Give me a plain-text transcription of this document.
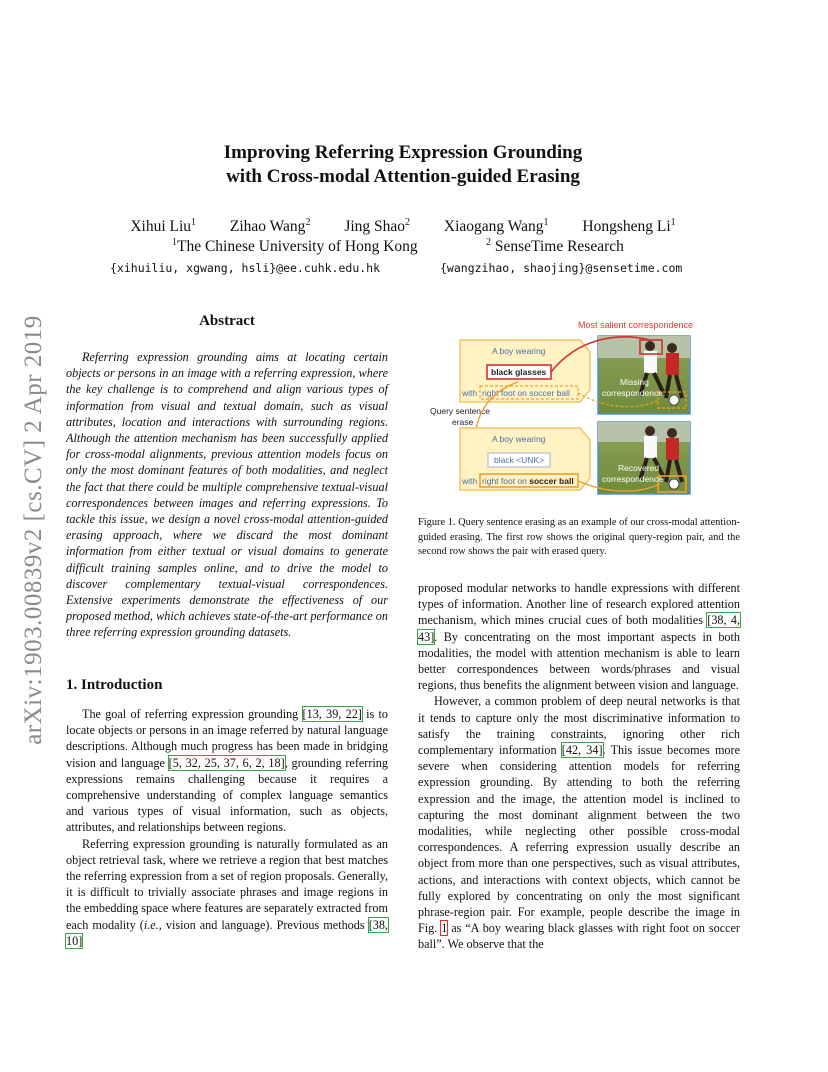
arXiv:1903.00839v2 [cs.CV] 2 Apr 2019
Improving Referring Expression Grounding
with Cross-modal Attention-guided Erasing
Xihui Liu$^1$ Zihao Wang$^2$ Jing Shao$^2$ Xiaogang Wang$^1$ Hongsheng Li$^1$
$^1$The Chinese University of Hong Kong	$^2$ SenseTime Research
{xihuiliu, xgwang, hsli}@ee.cuhk.edu.hk	{wangzihao, shaojing}@sensetime.com
Abstract
Referring expression grounding aims at locating certain objects or persons in an image with a referring expression, where the key challenge is to comprehend and align various types of information from visual and textual domain, such as visual attributes, location and interactions with surrounding regions. Although the attention mechanism has been successfully applied for cross-modal alignments, previous attention models focus on only the most dominant features of both modalities, and neglect the fact that there could be multiple comprehensive textual-visual correspondences between images and referring expressions. To tackle this issue, we design a novel cross-modal attention-guided erasing approach, where we discard the most dominant information from either textual or visual domains to generate difficult training samples online, and to drive the model to discover complementary textual-visual correspondences. Extensive experiments demonstrate the effectiveness of our proposed method, which achieves state-of-the-art performance on three referring expression grounding datasets.
1. Introduction

The goal of referring expression grounding [13, 39, 22] is to locate objects or persons in an image referred by natural language descriptions. Although much progress has been made in bridging vision and language [5, 32, 25, 37, 6, 2, 18], grounding referring expressions remains challenging because it requires a comprehensive understanding of complex language semantics and various types of visual information, such as objects, attributes, and relationships between regions.

Referring expression grounding is naturally formulated as an object retrieval task, where we retrieve a region that best matches the referring expression from a set of region proposals. Generally, it is difficult to trivially associate phrases and image regions in the embedding space where features are separately extracted from each modality (i.e., vision and language). Previous methods [38, 10]

Most salient correspondence
A boy wearing
black glasses
with right foot on soccer ball
Missing
correspondence
Query sentence
erase
A boy wearing
black <UNK>
with right foot on soccer ball
Recovered
correspondence
Figure 1. Query sentence erasing as an example of our cross-modal attention-guided erasing. The first row shows the original query-region pair, and the second row shows the pair with erased query.

proposed modular networks to handle expressions with different types of information. Another line of research explored attention mechanism, which mines crucial cues of both modalities [38, 4, 43]. By concentrating on the most important aspects in both modalities, the model with attention mechanism is able to learn better correspondences between words/phrases and visual regions, thus benefits the alignment between vision and language.

However, a common problem of deep neural networks is that it tends to capture only the most discriminative information to satisfy the training constraints, ignoring other rich complementary information [42, 34]. This issue becomes more severe when considering attention models for referring expression grounding. By attending to both the referring expression and the image, the attention model is inclined to capturing the most dominant alignment between the two modalities, while neglecting other possible cross-modal correspondences. A referring expression usually describe an object from more than one perspectives, such as visual attributes, actions, and interactions with context objects, which cannot be fully explored by concentrating on only the most significant phrase-region pair. For example, people describe the image in Fig. 1 as “A boy wearing black glasses with right foot on soccer ball”. We observe that the
